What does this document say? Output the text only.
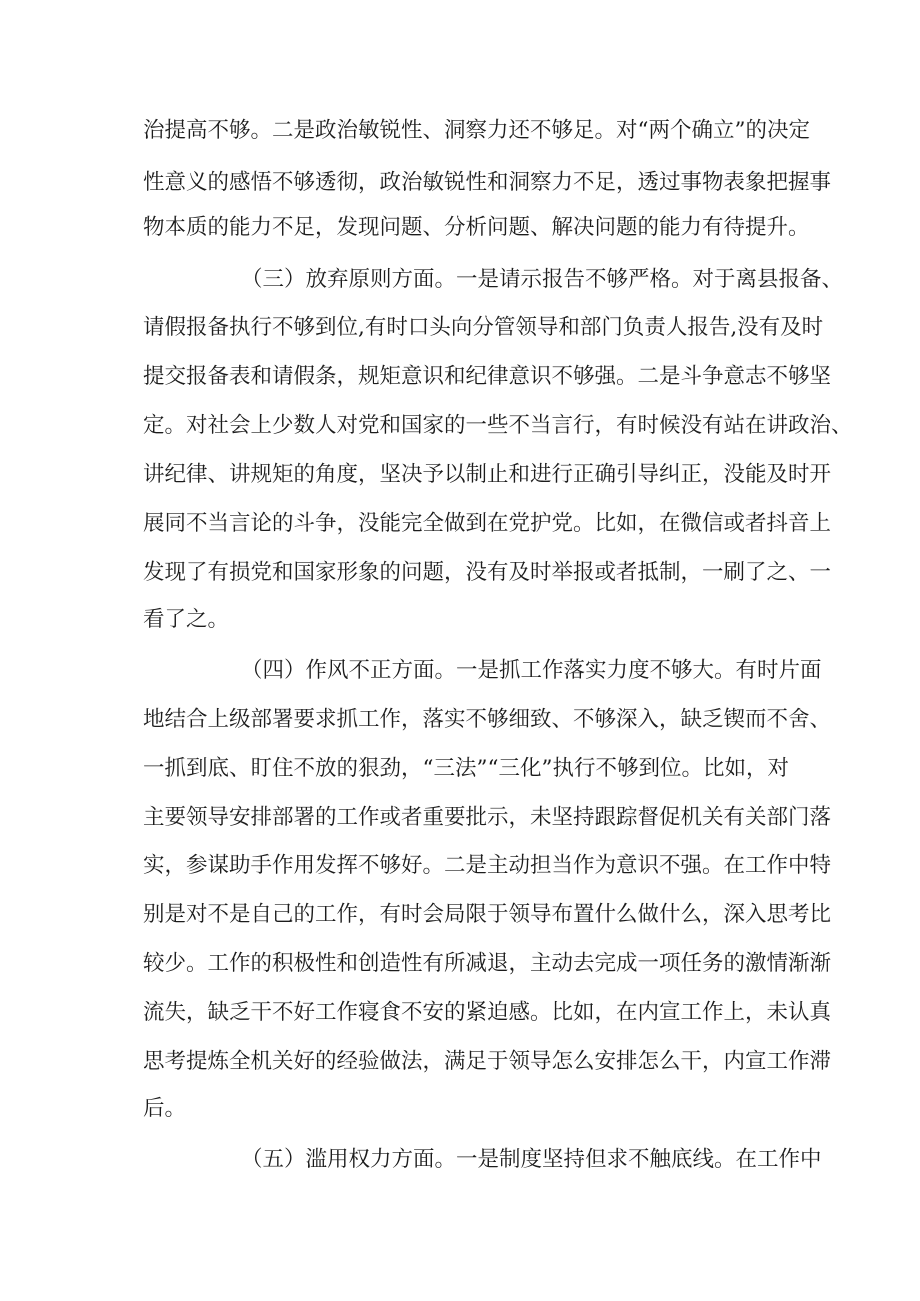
治提高不够。二是政治敏锐性、洞察力还不够足。对“两个确立”的决定

性意义的感悟不够透彻，政治敏锐性和洞察力不足，透过事物表象把握事

物本质的能力不足，发现问题、分析问题、解决问题的能力有待提升。

（三）放弃原则方面。一是请示报告不够严格。对于离县报备、

请假报备执行不够到位,有时口头向分管领导和部门负责人报告,没有及时

提交报备表和请假条，规矩意识和纪律意识不够强。二是斗争意志不够坚

定。对社会上少数人对党和国家的一些不当言行，有时候没有站在讲政治、

讲纪律、讲规矩的角度，坚决予以制止和进行正确引导纠正，没能及时开

展同不当言论的斗争，没能完全做到在党护党。比如，在微信或者抖音上

发现了有损党和国家形象的问题，没有及时举报或者抵制，一刷了之、一

看了之。

（四）作风不正方面。一是抓工作落实力度不够大。有时片面

地结合上级部署要求抓工作，落实不够细致、不够深入，缺乏锲而不舍、

一抓到底、盯住不放的狠劲，“三法”“三化”执行不够到位。比如，对

主要领导安排部署的工作或者重要批示，未坚持跟踪督促机关有关部门落

实，参谋助手作用发挥不够好。二是主动担当作为意识不强。在工作中特

别是对不是自己的工作，有时会局限于领导布置什么做什么，深入思考比

较少。工作的积极性和创造性有所减退，主动去完成一项任务的激情渐渐

流失，缺乏干不好工作寝食不安的紧迫感。比如，在内宣工作上，未认真

思考提炼全机关好的经验做法，满足于领导怎么安排怎么干，内宣工作滞

后。

（五）滥用权力方面。一是制度坚持但求不触底线。在工作中
